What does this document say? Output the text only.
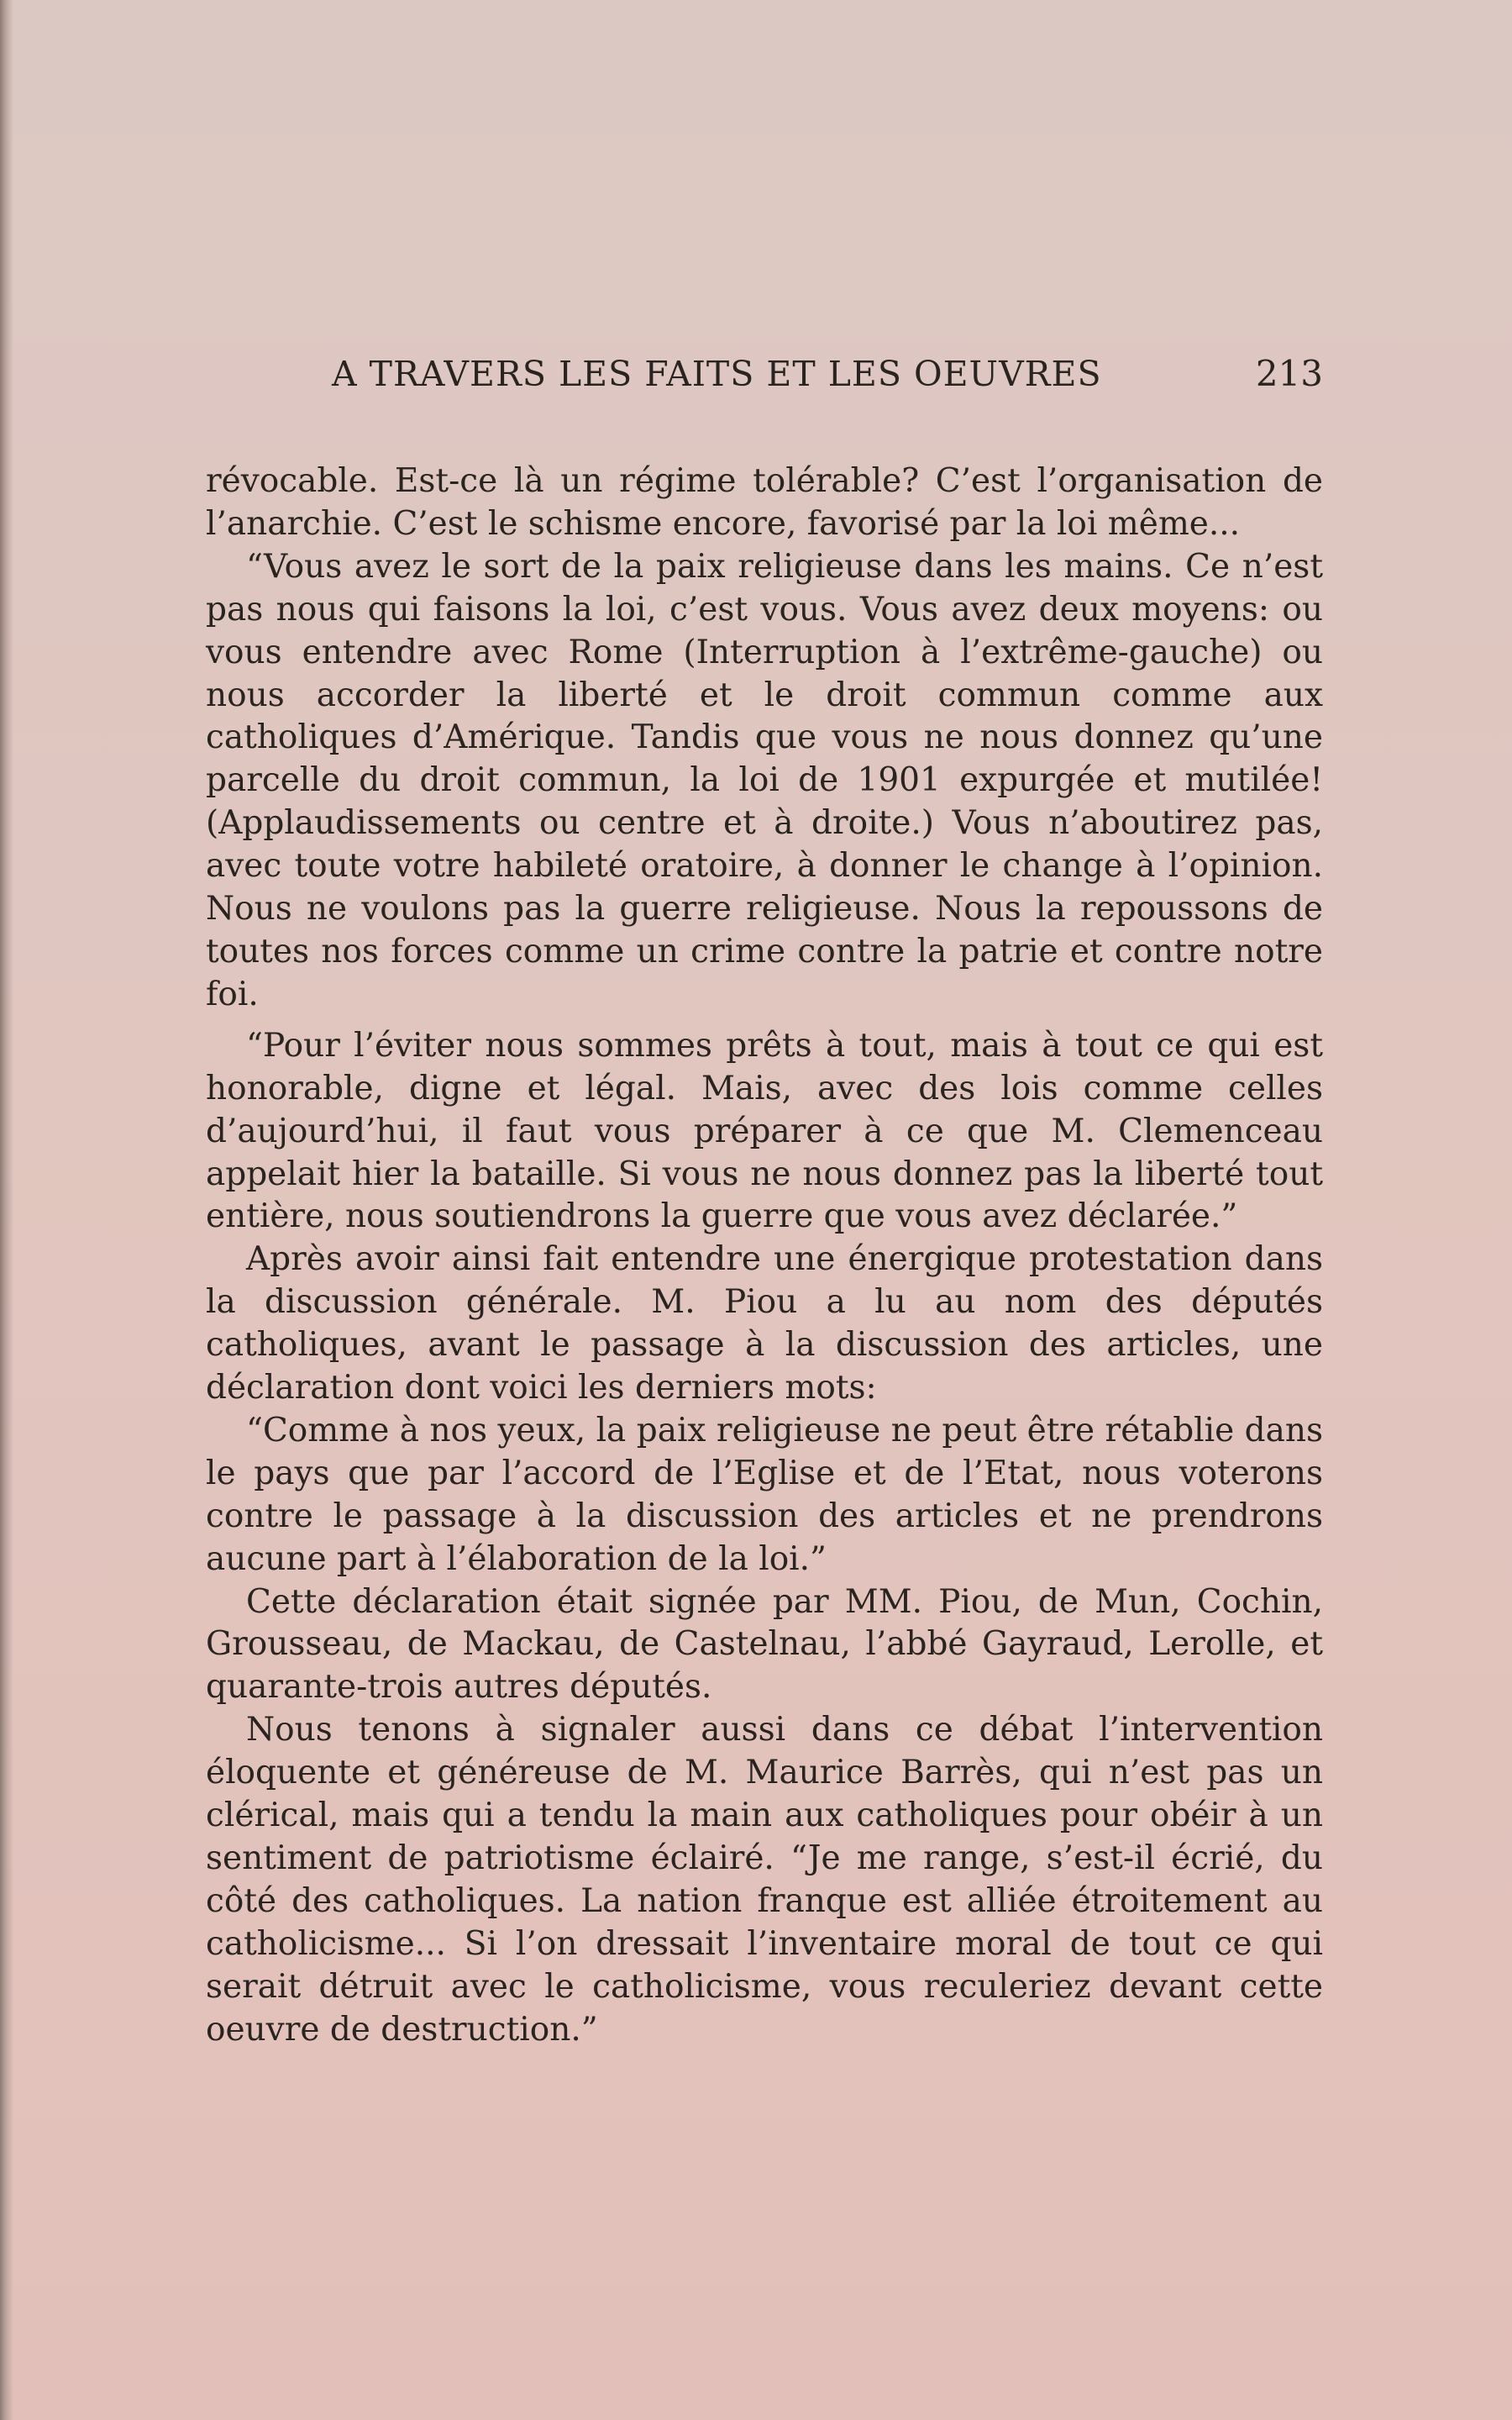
A TRAVERS LES FAITS ET LES OEUVRES	213

révocable. Est-ce là un régime tolérable? C’est l’organisation de l’anarchie. C’est le schisme encore, favorisé par la loi même...

“Vous avez le sort de la paix religieuse dans les mains. Ce n’est pas nous qui faisons la loi, c’est vous. Vous avez deux moyens: ou vous entendre avec Rome (Interruption à l’extrême-gauche) ou nous accorder la liberté et le droit commun comme aux catholiques d’Amérique. Tandis que vous ne nous donnez qu’une parcelle du droit commun, la loi de 1901 expurgée et mutilée! (Applaudissements ou centre et à droite.) Vous n’aboutirez pas, avec toute votre habileté oratoire, à donner le change à l’opinion. Nous ne voulons pas la guerre religieuse. Nous la repoussons de toutes nos forces comme un crime contre la patrie et contre notre foi.

“Pour l’éviter nous sommes prêts à tout, mais à tout ce qui est honorable, digne et légal. Mais, avec des lois comme celles d’aujourd’hui, il faut vous préparer à ce que M. Clemenceau appelait hier la bataille. Si vous ne nous donnez pas la liberté tout entière, nous soutiendrons la guerre que vous avez déclarée.”

Après avoir ainsi fait entendre une énergique protestation dans la discussion générale. M. Piou a lu au nom des députés catholiques, avant le passage à la discussion des articles, une déclaration dont voici les derniers mots:

“Comme à nos yeux, la paix religieuse ne peut être rétablie dans le pays que par l’accord de l’Eglise et de l’Etat, nous voterons contre le passage à la discussion des articles et ne prendrons aucune part à l’élaboration de la loi.”

Cette déclaration était signée par MM. Piou, de Mun, Cochin, Grousseau, de Mackau, de Castelnau, l’abbé Gayraud, Lerolle, et quarante-trois autres députés.

Nous tenons à signaler aussi dans ce débat l’intervention éloquente et généreuse de M. Maurice Barrès, qui n’est pas un clérical, mais qui a tendu la main aux catholiques pour obéir à un sentiment de patriotisme éclairé. “Je me range, s’est-il écrié, du côté des catholiques. La nation franque est alliée étroitement au catholicisme... Si l’on dressait l’inventaire moral de tout ce qui serait détruit avec le catholicisme, vous reculeriez devant cette oeuvre de destruction.”
